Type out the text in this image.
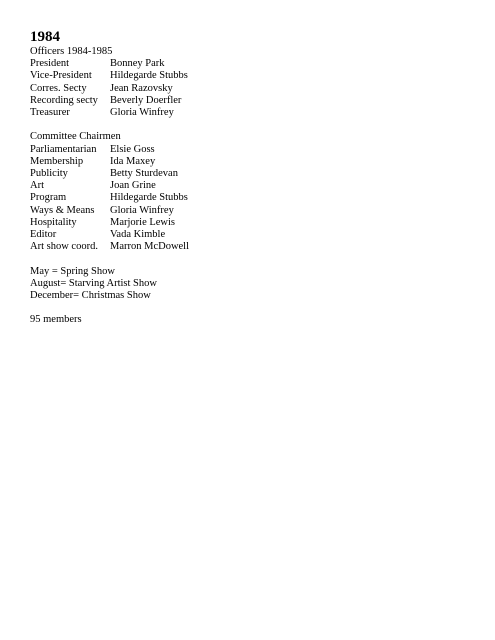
1984
Officers 1984-1985
President	Bonney Park
Vice-President	Hildegarde Stubbs
Corres. Secty	Jean Razovsky
Recording secty	Beverly Doerfler
Treasurer	Gloria Winfrey
Committee Chairmen
Parliamentarian	Elsie Goss
Membership	Ida Maxey
Publicity	Betty Sturdevan
Art	Joan Grine
Program	Hildegarde Stubbs
Ways & Means	Gloria Winfrey
Hospitality	Marjorie Lewis
Editor	Vada Kimble
Art show coord.	Marron McDowell
May = Spring Show
August= Starving Artist Show
December= Christmas Show
95 members
